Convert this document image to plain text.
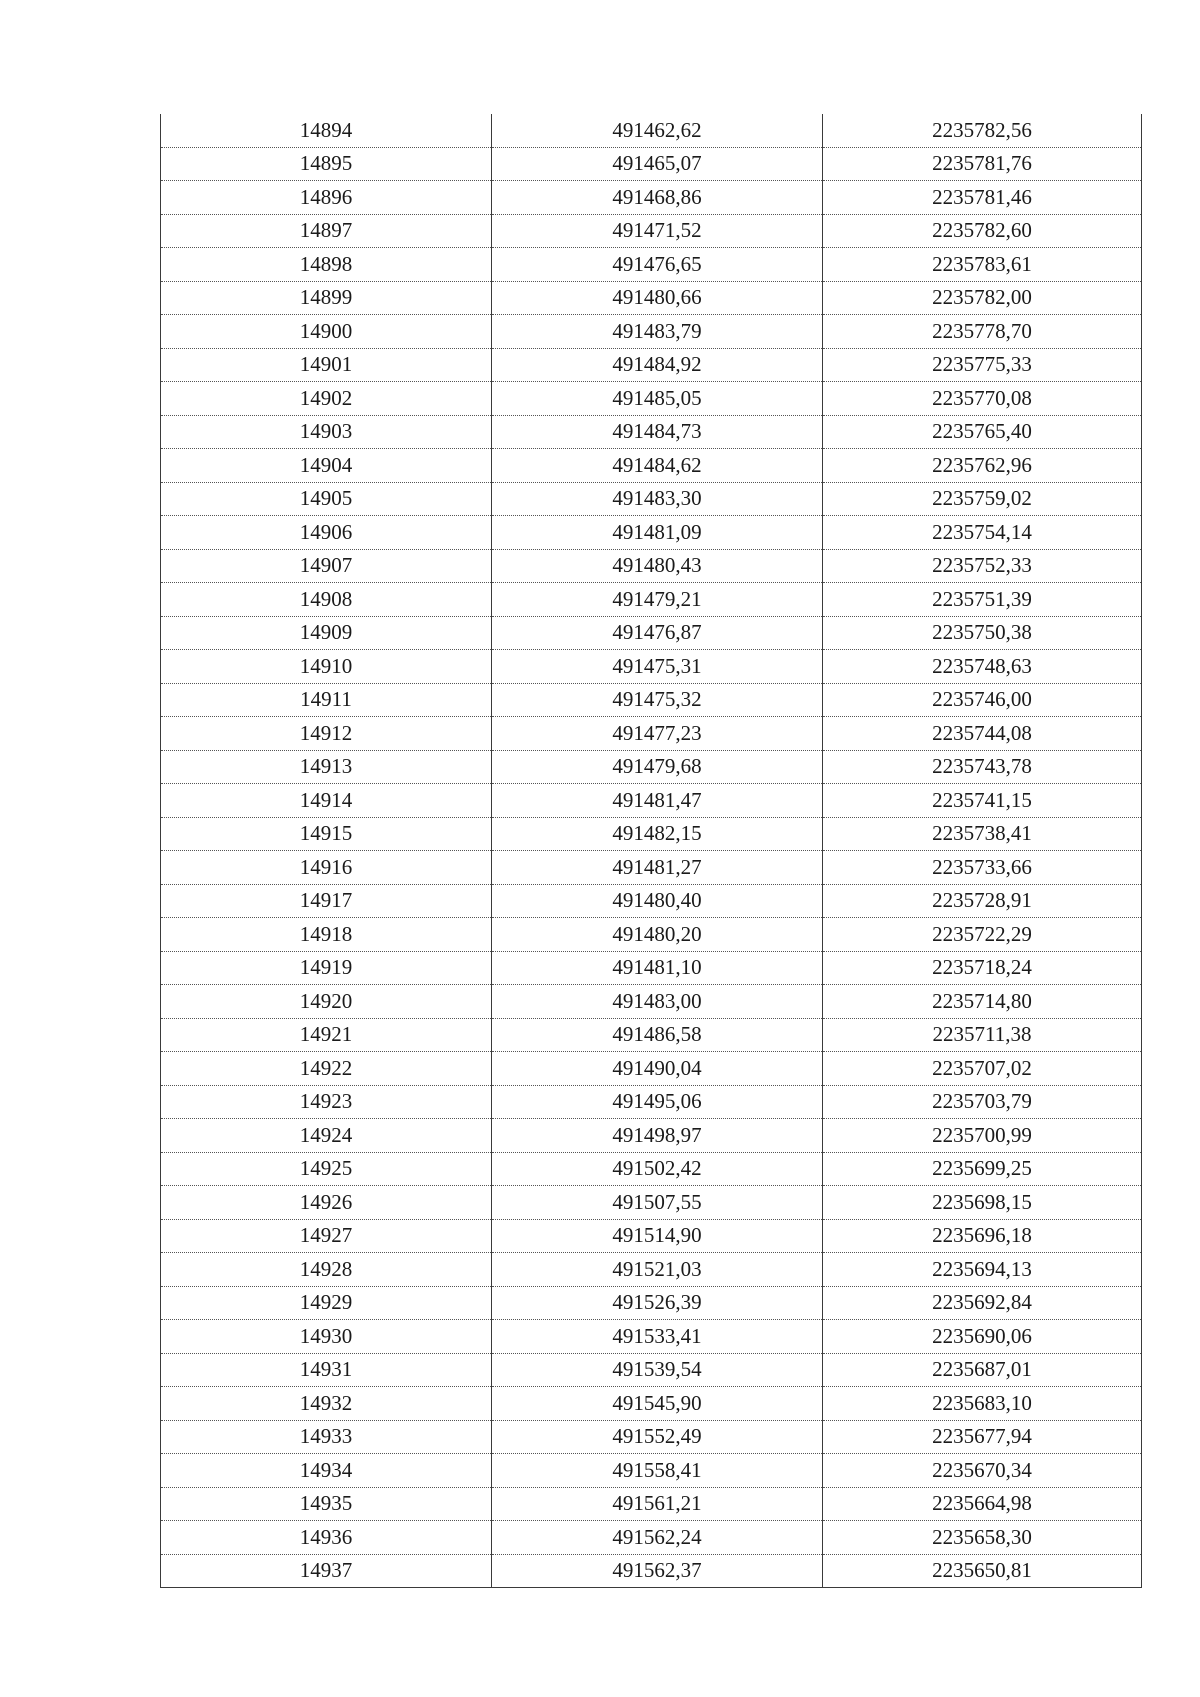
14894	491462,62	2235782,56
14895	491465,07	2235781,76
14896	491468,86	2235781,46
14897	491471,52	2235782,60
14898	491476,65	2235783,61
14899	491480,66	2235782,00
14900	491483,79	2235778,70
14901	491484,92	2235775,33
14902	491485,05	2235770,08
14903	491484,73	2235765,40
14904	491484,62	2235762,96
14905	491483,30	2235759,02
14906	491481,09	2235754,14
14907	491480,43	2235752,33
14908	491479,21	2235751,39
14909	491476,87	2235750,38
14910	491475,31	2235748,63
14911	491475,32	2235746,00
14912	491477,23	2235744,08
14913	491479,68	2235743,78
14914	491481,47	2235741,15
14915	491482,15	2235738,41
14916	491481,27	2235733,66
14917	491480,40	2235728,91
14918	491480,20	2235722,29
14919	491481,10	2235718,24
14920	491483,00	2235714,80
14921	491486,58	2235711,38
14922	491490,04	2235707,02
14923	491495,06	2235703,79
14924	491498,97	2235700,99
14925	491502,42	2235699,25
14926	491507,55	2235698,15
14927	491514,90	2235696,18
14928	491521,03	2235694,13
14929	491526,39	2235692,84
14930	491533,41	2235690,06
14931	491539,54	2235687,01
14932	491545,90	2235683,10
14933	491552,49	2235677,94
14934	491558,41	2235670,34
14935	491561,21	2235664,98
14936	491562,24	2235658,30
14937	491562,37	2235650,81
